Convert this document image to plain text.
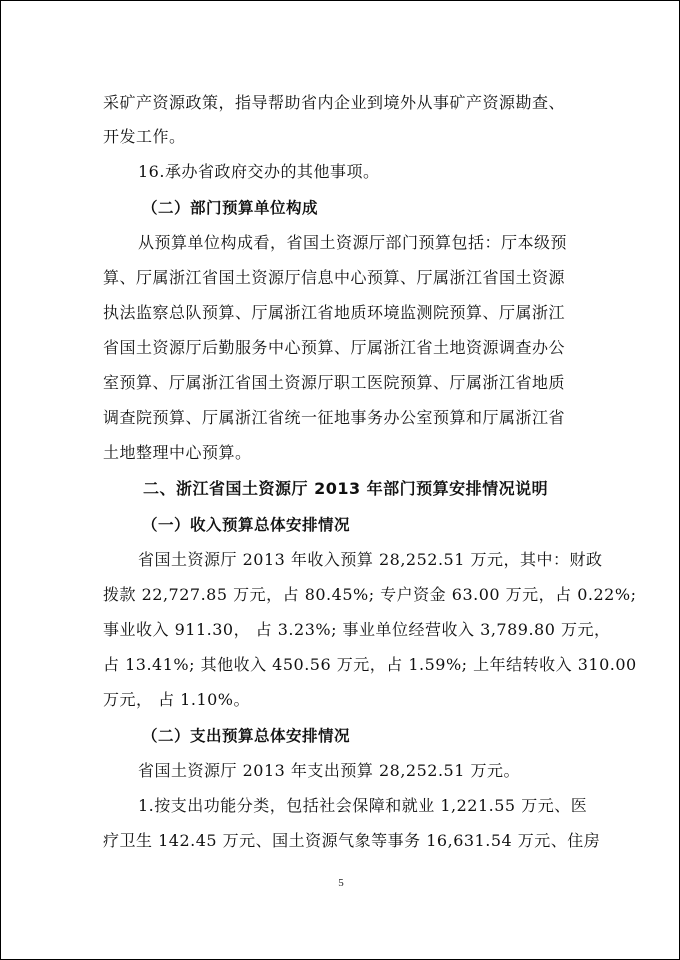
采矿产资源政策，指导帮助省内企业到境外从事矿产资源勘查、
开发工作。
16.承办省政府交办的其他事项。
（二）部门预算单位构成
从预算单位构成看，省国土资源厅部门预算包括：厅本级预
算、厅属浙江省国土资源厅信息中心预算、厅属浙江省国土资源
执法监察总队预算、厅属浙江省地质环境监测院预算、厅属浙江
省国土资源厅后勤服务中心预算、厅属浙江省土地资源调查办公
室预算、厅属浙江省国土资源厅职工医院预算、厅属浙江省地质
调查院预算、厅属浙江省统一征地事务办公室预算和厅属浙江省
土地整理中心预算。
二、浙江省国土资源厅 2013 年部门预算安排情况说明
（一）收入预算总体安排情况
省国土资源厅 2013 年收入预算 28,252.51 万元，其中：财政
拨款 22,727.85 万元，占 80.45%; 专户资金 63.00 万元，占 0.22%;
事业收入 911.30， 占 3.23%; 事业单位经营收入 3,789.80 万元，
占 13.41%; 其他收入 450.56 万元，占 1.59%; 上年结转收入 310.00
万元， 占 1.10%。
（二）支出预算总体安排情况
省国土资源厅 2013 年支出预算 28,252.51 万元。
1.按支出功能分类，包括社会保障和就业 1,221.55 万元、医
疗卫生 142.45 万元、国土资源气象等事务 16,631.54 万元、住房
5
